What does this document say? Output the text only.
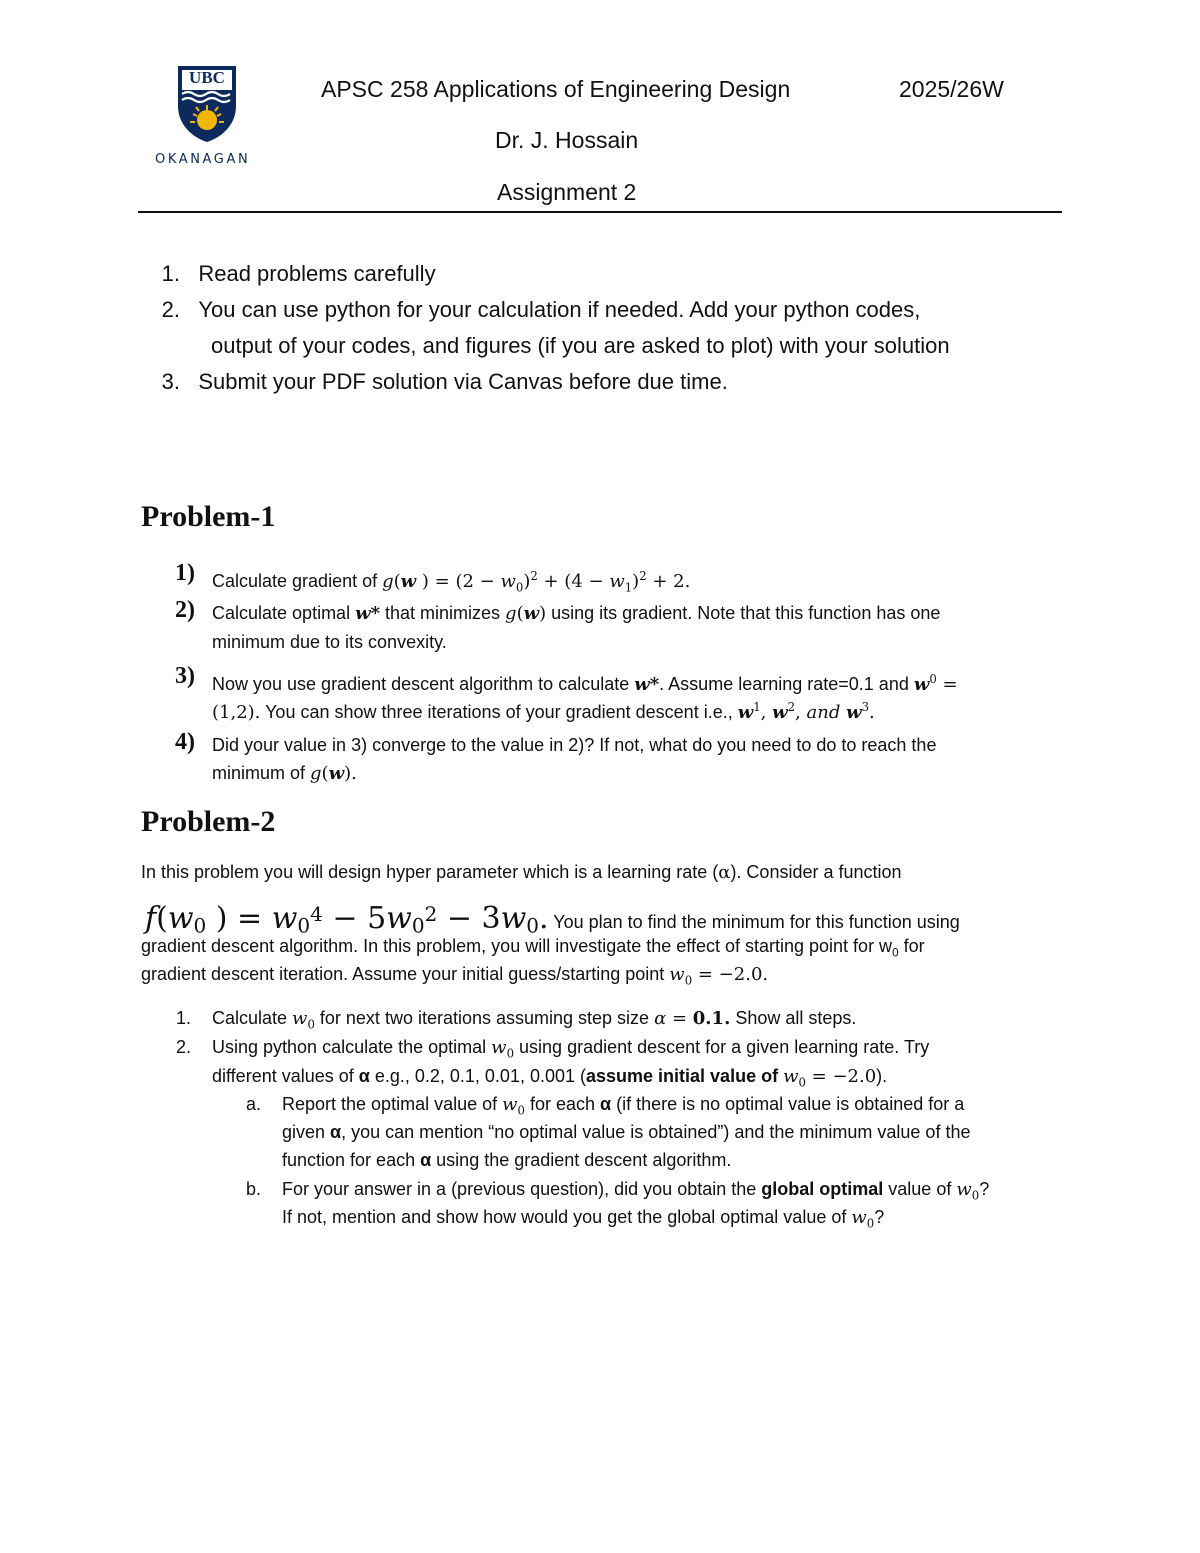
UBC
OKANAGAN
APSC 258 Applications of Engineering Design	2025/26W
Dr. J. Hossain
Assignment 2
1. Read problems carefully
2. You can use python for your calculation if needed. Add your python codes,
output of your codes, and figures (if you are asked to plot) with your solution
3. Submit your PDF solution via Canvas before due time.
Problem-1
1) Calculate gradient of g(w ) = $(2 - w_0)^2 + (4 - w_1)^2 + 2$.
2) Calculate optimal w* that minimizes g(w) using its gradient. Note that this function has one
minimum due to its convexity.
3) Now you use gradient descent algorithm to calculate w*. Assume learning rate=0.1 and $w^0$ =
(1,2). You can show three iterations of your gradient descent i.e., $w^1$, $w^2$, and $w^3$.
4) Did your value in 3) converge to the value in 2)? If not, what do you need to do to reach the
minimum of g(w).
Problem-2
In this problem you will design hyper parameter which is a learning rate (α). Consider a function
$f(w_0$ ) = $w_0^4 - 5w_0^2 - 3w_0$. You plan to find the minimum for this function using
gradient descent algorithm. In this problem, you will investigate the effect of starting point for $w_0$ for
gradient descent iteration. Assume your initial guess/starting point $w_0 = -2.0$.
1. Calculate $w_0$ for next two iterations assuming step size α = 0.1. Show all steps.
2. Using python calculate the optimal $w_0$ using gradient descent for a given learning rate. Try
different values of α e.g., 0.2, 0.1, 0.01, 0.001 (assume initial value of $w_0 = -2.0$).
a. Report the optimal value of $w_0$ for each α (if there is no optimal value is obtained for a
given α, you can mention “no optimal value is obtained”) and the minimum value of the
function for each α using the gradient descent algorithm.
b. For your answer in a (previous question), did you obtain the global optimal value of $w_0$?
If not, mention and show how would you get the global optimal value of $w_0$?
